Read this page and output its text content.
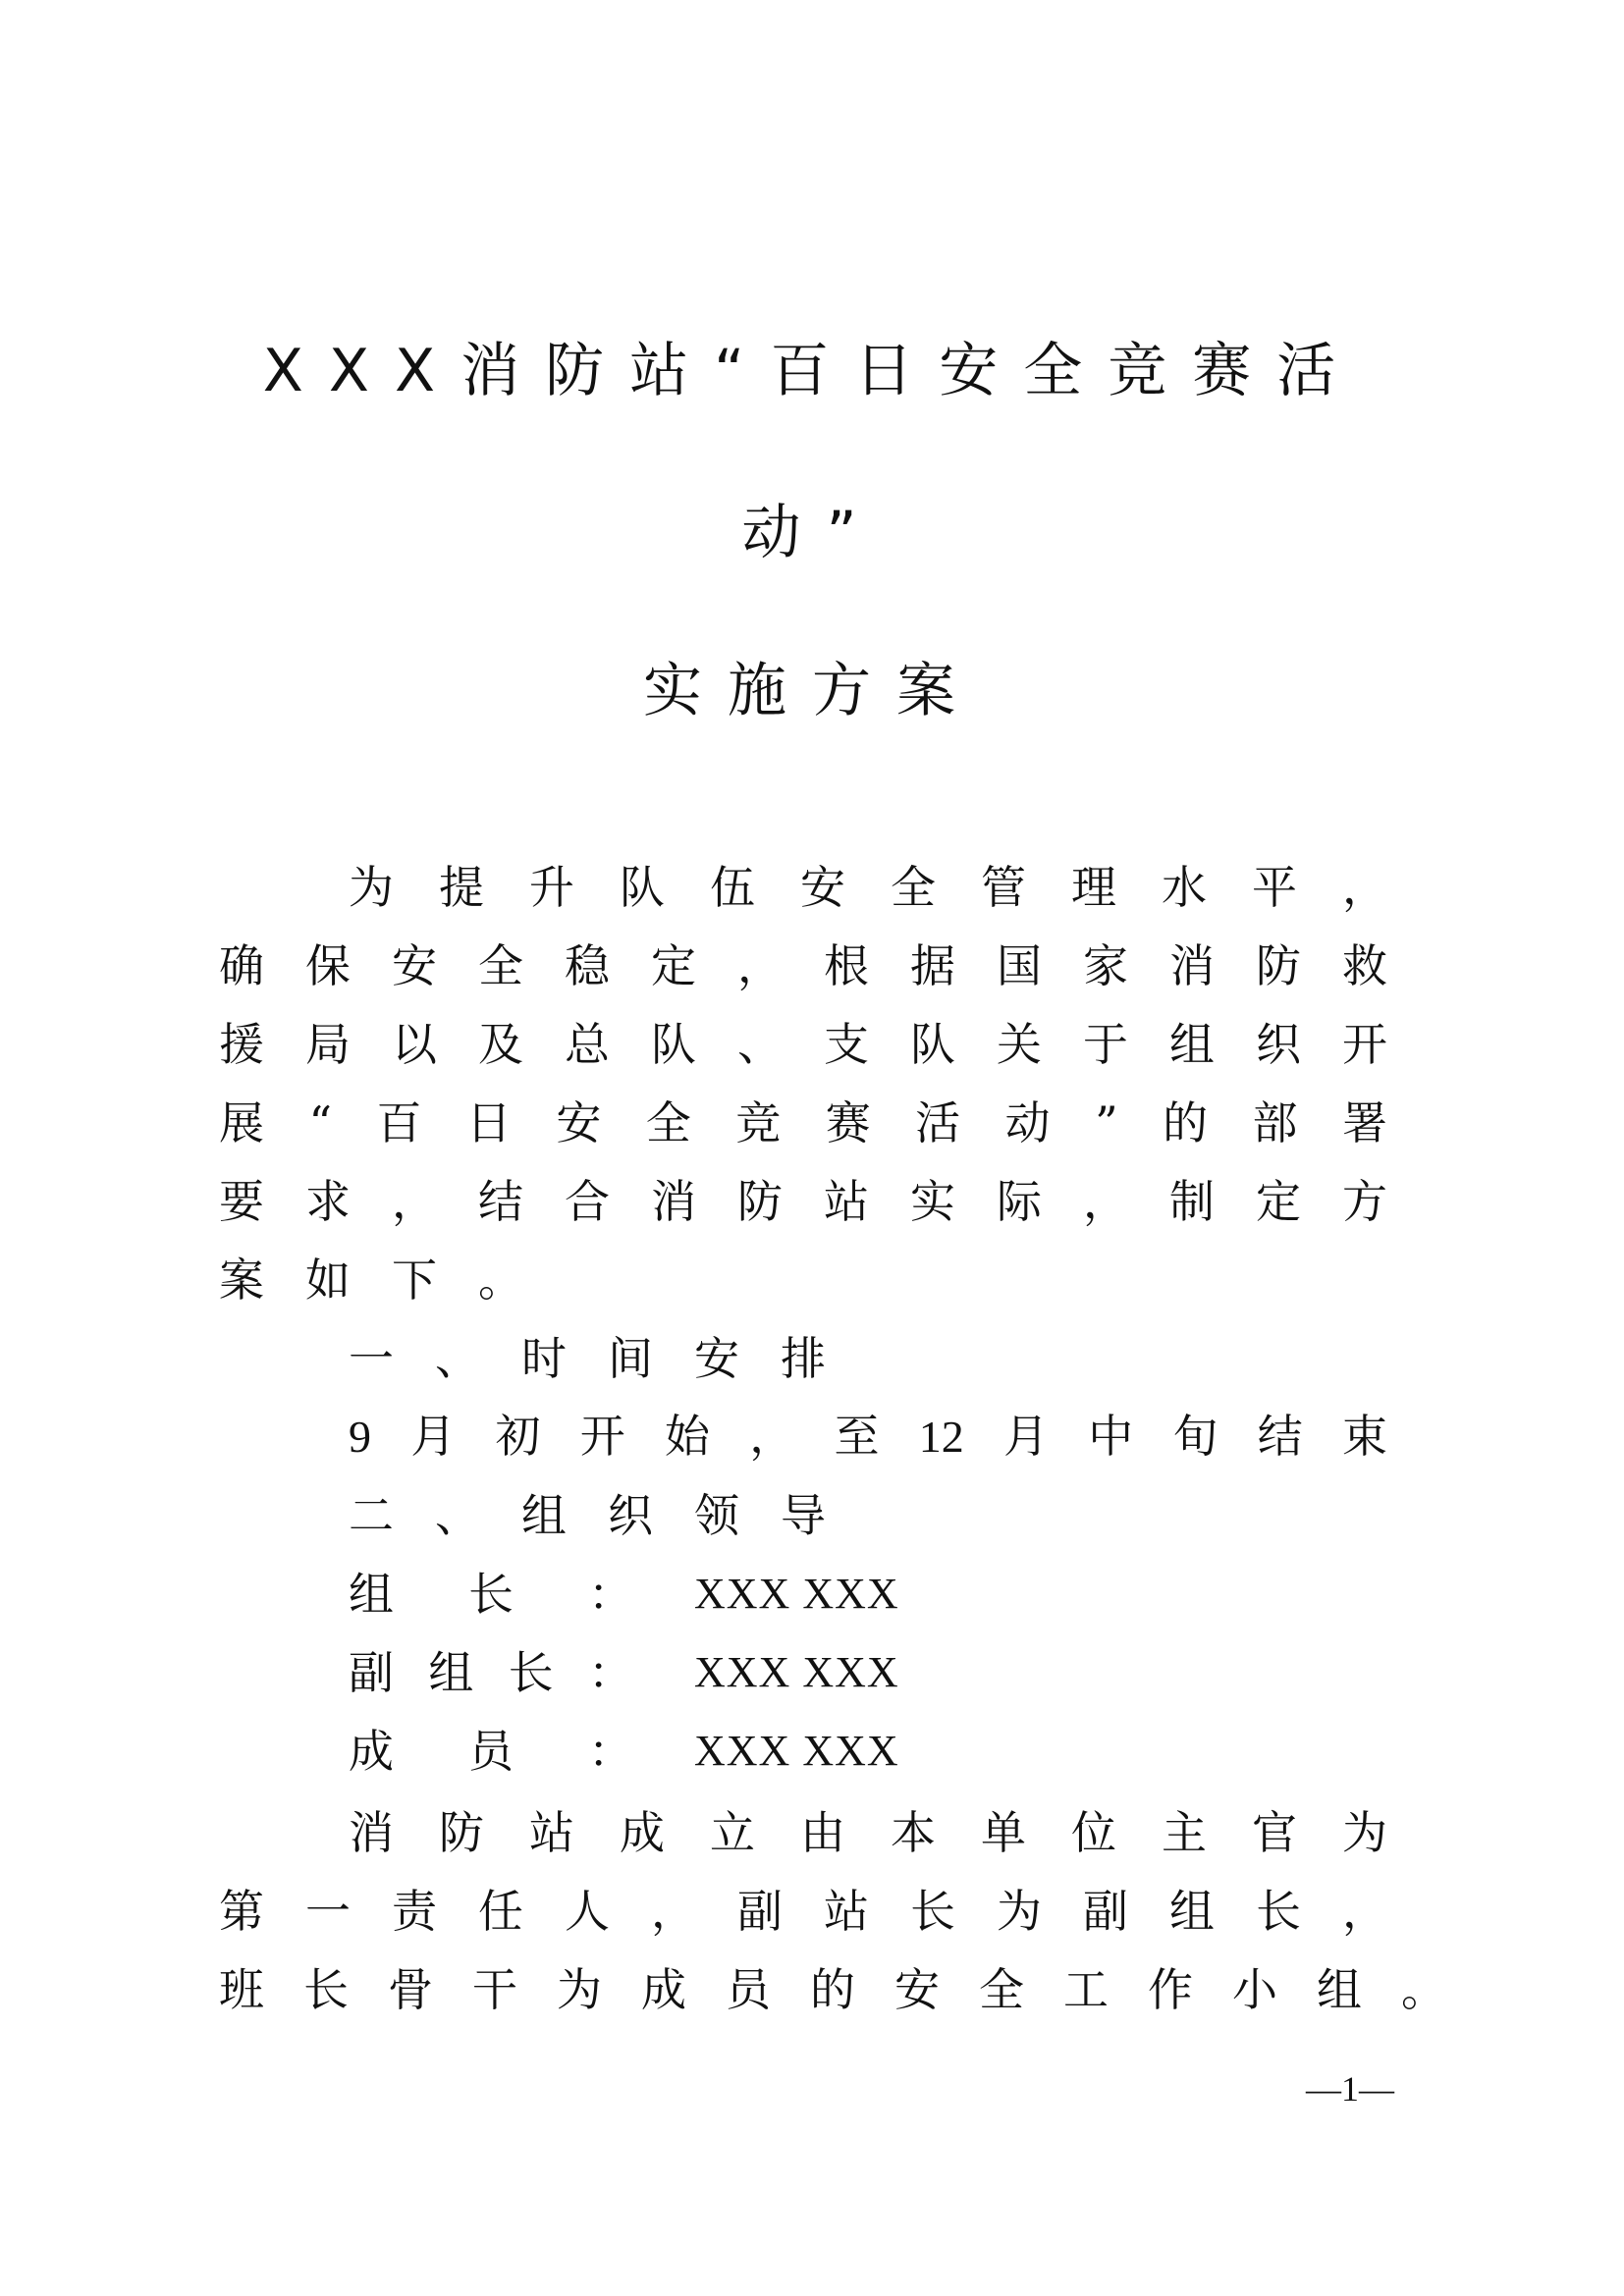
XXX消防站“百日安全竞赛活
动”
实施方案
为提升队伍安全管理水平，
确保安全稳定，根据国家消防救
援局以及总队、支队关于组织开
展“百日安全竞赛活动”的部署
要求，结合消防站实际，制定方
案如下。
一、时间安排
9月初开始，至12月中旬结束
二、组织领导
组长： XXX XXX
副组长： XXX XXX
成员： XXX XXX
消防站成立由本单位主官为
第一责任人，副站长为副组长，
班长骨干为成员的安全工作小组。
—1—
